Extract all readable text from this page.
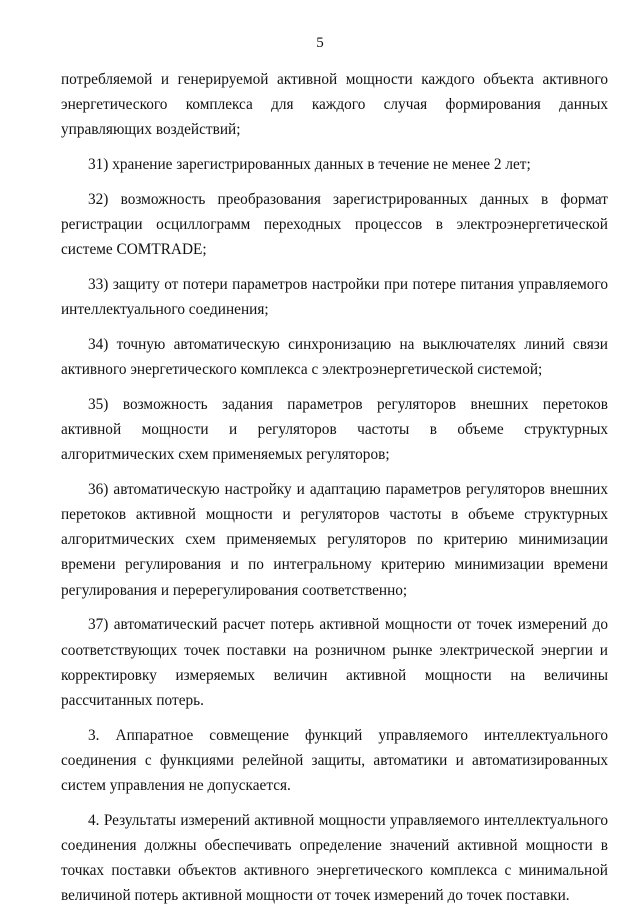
5

потребляемой и генерируемой активной мощности каждого объекта активного энергетического комплекса для каждого случая формирования данных управляющих воздействий;

31) хранение зарегистрированных данных в течение не менее 2 лет;

32) возможность преобразования зарегистрированных данных в формат регистрации осциллограмм переходных процессов в электроэнергетической системе COMTRADE;

33) защиту от потери параметров настройки при потере питания управляемого интеллектуального соединения;

34) точную автоматическую синхронизацию на выключателях линий связи активного энергетического комплекса с электроэнергетической системой;

35) возможность задания параметров регуляторов внешних перетоков активной мощности и регуляторов частоты в объеме структурных алгоритмических схем применяемых регуляторов;

36) автоматическую настройку и адаптацию параметров регуляторов внешних перетоков активной мощности и регуляторов частоты в объеме структурных алгоритмических схем применяемых регуляторов по критерию минимизации времени регулирования и по интегральному критерию минимизации времени регулирования и перерегулирования соответственно;

37) автоматический расчет потерь активной мощности от точек измерений до соответствующих точек поставки на розничном рынке электрической энергии и корректировку измеряемых величин активной мощности на величины рассчитанных потерь.

3. Аппаратное совмещение функций управляемого интеллектуального соединения с функциями релейной защиты, автоматики и автоматизированных систем управления не допускается.

4. Результаты измерений активной мощности управляемого интеллектуального соединения должны обеспечивать определение значений активной мощности в точках поставки объектов активного энергетического комплекса с минимальной величиной потерь активной мощности от точек измерений до точек поставки.
